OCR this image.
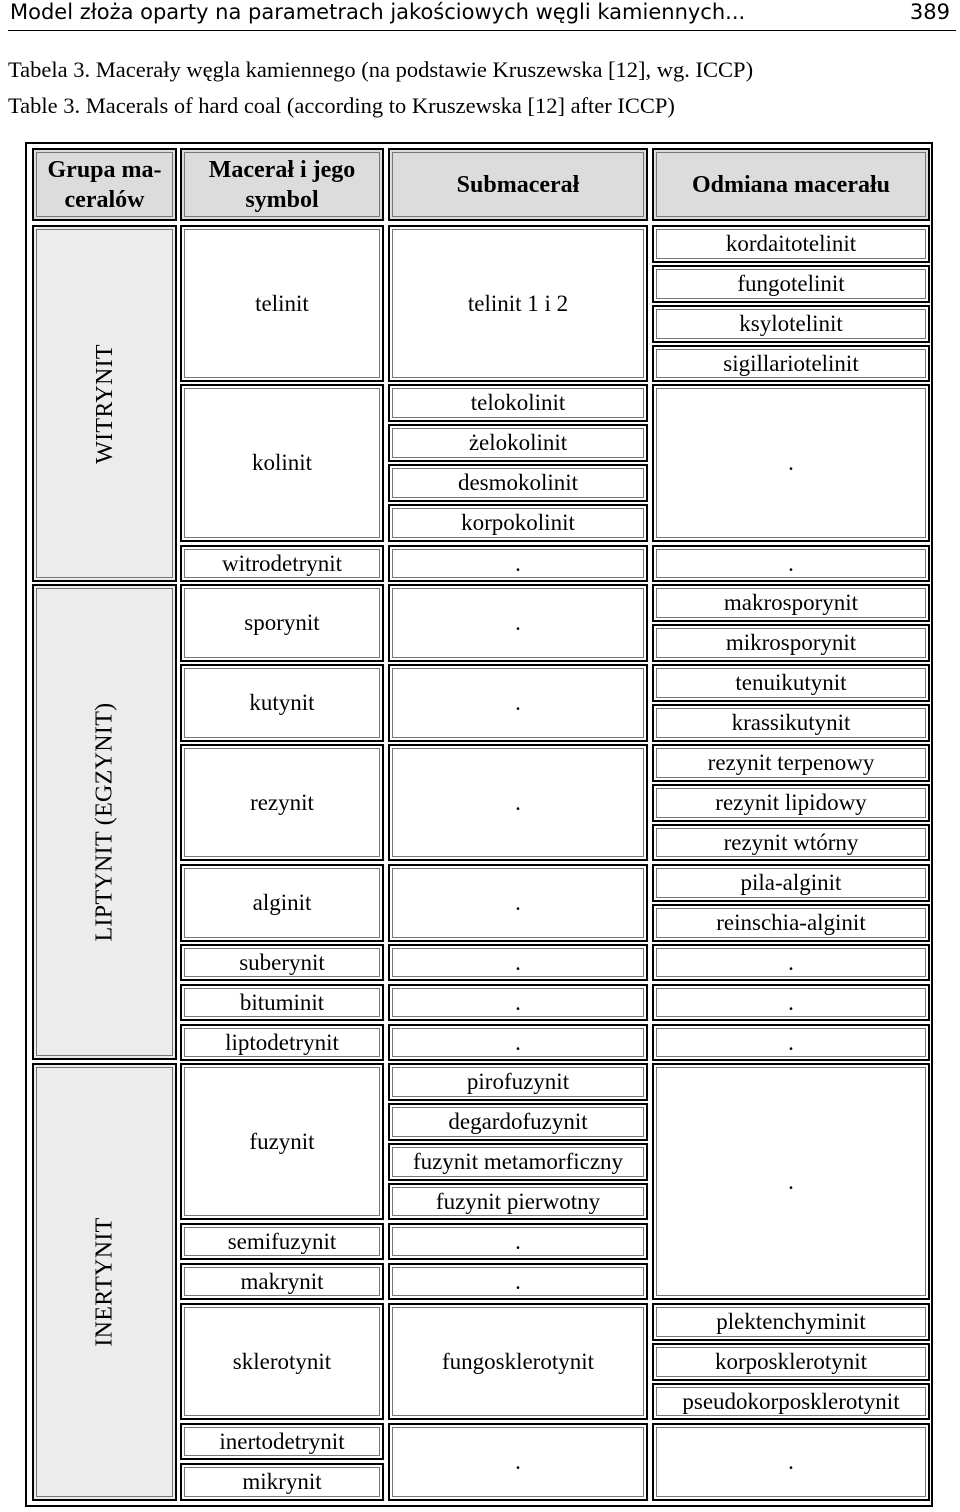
Model złoża oparty na parametrach jakościowych węgli kamiennych...	389
Tabela 3. Macerały węgla kamiennego (na podstawie Kruszewska [12], wg. ICCP)
Table 3. Macerals of hard coal (according to Kruszewska [12] after ICCP)
Grupa ma-ceralów
Macerał i jego symbol
Submacerał	Odmiana macerału
WITRYNIT
LIPTYNIT (EGZYNIT)
INERTYNIT
telinit
kolinit
witrodetrynit
sporynit
kutynit
rezynit
alginit
suberynit
bituminit
liptodetrynit
fuzynit
semifuzynit
makrynit
sklerotynit
inertodetrynit
mikrynit
telinit 1 i 2
telokolinit
żelokolinit
desmokolinit
korpokolinit
.
.
.
.
.
.
.
.
pirofuzynit
degardofuzynit
fuzynit metamorficzny
fuzynit pierwotny
.
.
fungosklerotynit
.
kordaitotelinit
fungotelinit
ksylotelinit
sigillariotelinit
.
.
makrosporynit
mikrosporynit
tenuikutynit
krassikutynit
rezynit terpenowy
rezynit lipidowy
rezynit wtórny
pila-alginit
reinschia-alginit
.
.
.
.
plektenchyminit
korposklerotynit
pseudokorposklerotynit
.
